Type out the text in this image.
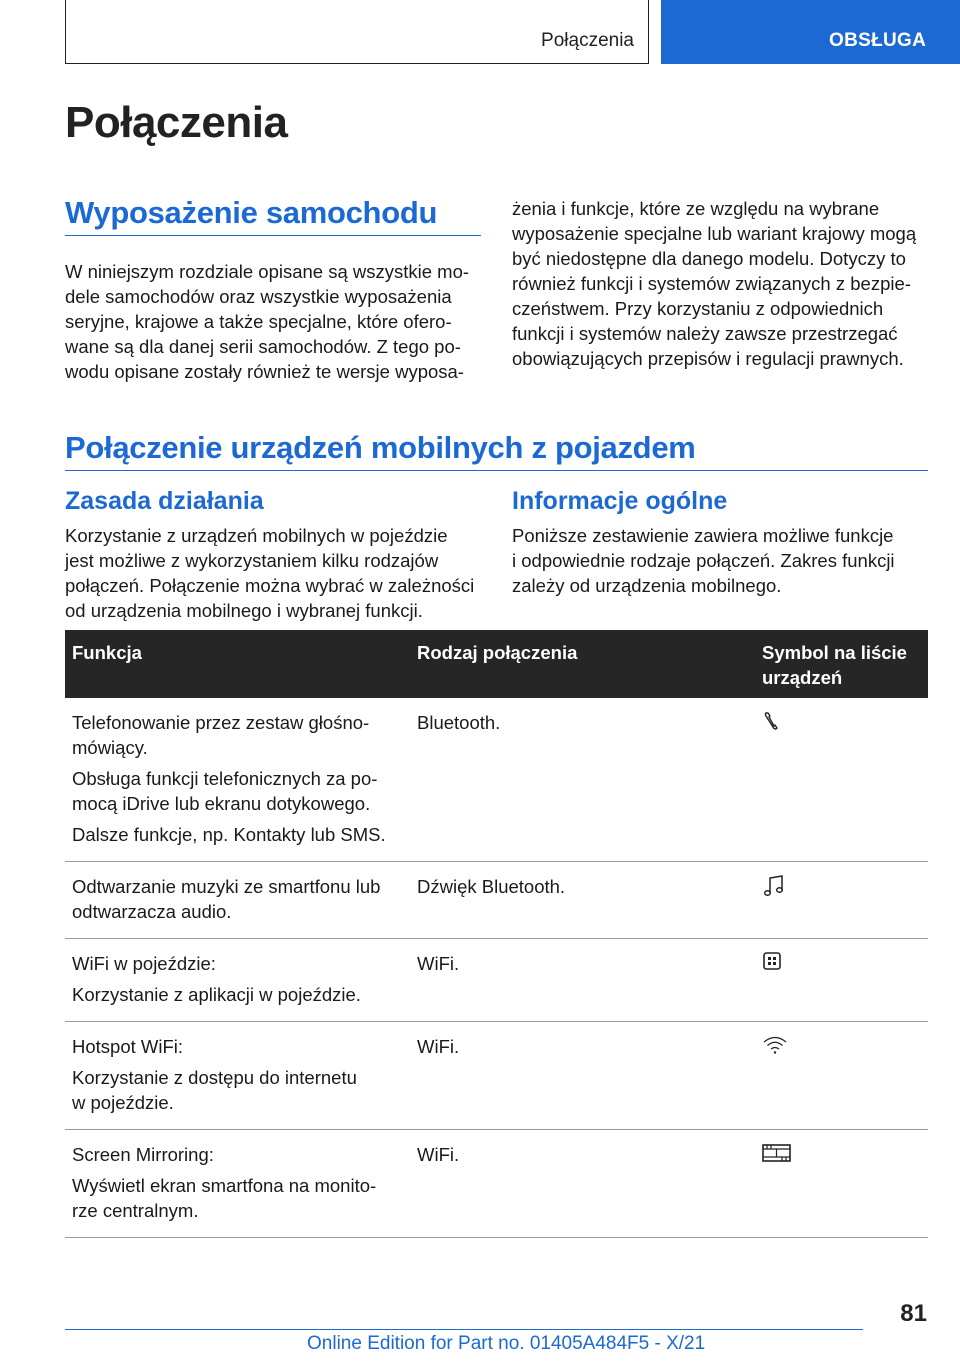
Połączenia	OBSŁUGA
Połączenia
Wyposażenie samochodu
W niniejszym rozdziale opisane są wszystkie mo‐
dele samochodów oraz wszystkie wyposażenia
seryjne, krajowe a także specjalne, które ofero‐
wane są dla danej serii samochodów. Z tego po‐
wodu opisane zostały również te wersje wyposa‐
żenia i funkcje, które ze względu na wybrane
wyposażenie specjalne lub wariant krajowy mogą
być niedostępne dla danego modelu. Dotyczy to
również funkcji i systemów związanych z bezpie‐
czeństwem. Przy korzystaniu z odpowiednich
funkcji i systemów należy zawsze przestrzegać
obowiązujących przepisów i regulacji prawnych.
Połączenie urządzeń mobilnych z pojazdem
Zasada działania
Korzystanie z urządzeń mobilnych w pojeździe
jest możliwe z wykorzystaniem kilku rodzajów
połączeń. Połączenie można wybrać w zależności
od urządzenia mobilnego i wybranej funkcji.
Informacje ogólne
Poniższe zestawienie zawiera możliwe funkcje
i odpowiednie rodzaje połączeń. Zakres funkcji
zależy od urządzenia mobilnego.
Funkcja	Rodzaj połączenia	Symbol na liście
urządzeń

Telefonowanie przez zestaw głośno‐
mówiący.

Obsługa funkcji telefonicznych za po‐
mocą iDrive lub ekranu dotykowego.

Dalsze funkcje, np. Kontakty lub SMS.	Bluetooth.	

Odtwarzanie muzyki ze smartfonu lub
odtwarzacza audio.	Dźwięk Bluetooth.	

WiFi w pojeździe:

Korzystanie z aplikacji w pojeździe.	WiFi.	

Hotspot WiFi:

Korzystanie z dostępu do internetu
w pojeździe.	WiFi.	

Screen Mirroring:

Wyświetl ekran smartfona na monito‐
rze centralnym.	WiFi.	
81
Online Edition for Part no. 01405A484F5 - X/21
